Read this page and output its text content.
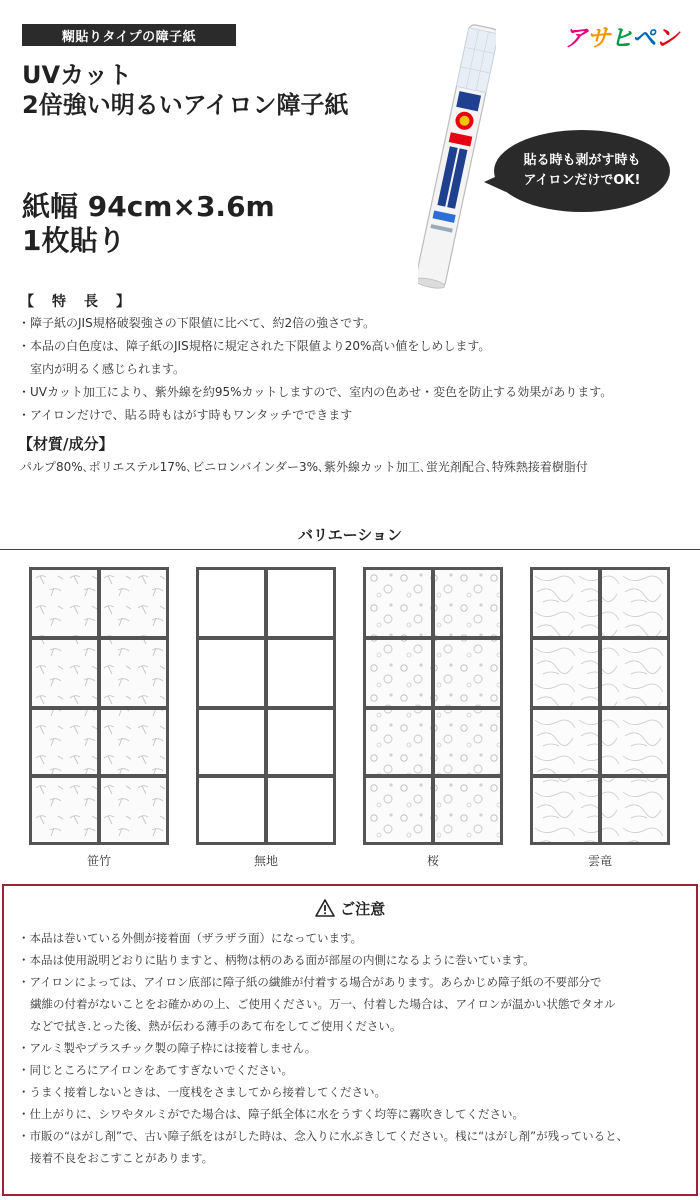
糊貼りタイプの障子紙	アサヒペン
UVカット
2倍強い明るいアイロン障子紙
紙幅 94cm×3.6m
1枚貼り
貼る時も剥がす時も
アイロンだけでOK!
【　特　長　】
・障子紙のJIS規格破裂強さの下限値に比べて、約2倍の強さです。
・本品の白色度は、障子紙のJIS規格に規定された下限値より20%高い値をしめします。
　室内が明るく感じられます。
・UVカット加工により、紫外線を約95%カットしますので、室内の色あせ・変色を防止する効果があります。
・アイロンだけで、貼る時もはがす時もワンタッチでできます
【材質/成分】
パルプ80%､ポリエステル17%､ビニロンバインダー3%､紫外線カット加工､蛍光剤配合､特殊熱接着樹脂付
バリエーション
笹竹	無地	桜	雲竜
ご注意
・本品は巻いている外側が接着面（ザラザラ面）になっています。
・本品は使用説明どおりに貼りますと、柄物は柄のある面が部屋の内側になるように巻いています。
・アイロンによっては、アイロン底部に障子紙の繊維が付着する場合があります。あらかじめ障子紙の不要部分で
繊維の付着がないことをお確かめの上、ご使用ください。万一、付着した場合は、アイロンが温かい状態でタオル
などで拭き.とった後、熱が伝わる薄手のあて布をしてご使用ください。
・アルミ製やプラスチック製の障子枠には接着しません。
・同じところにアイロンをあてすぎないでください。
・うまく接着しないときは、一度桟をさましてから接着してください。
・仕上がりに、シワやタルミがでた場合は、障子紙全体に水をうすく均等に霧吹きしてください。
・市販の“はがし剤”で、古い障子紙をはがした時は、念入りに水ぶきしてください。桟に“はがし剤”が残っていると、
接着不良をおこすことがあります。
